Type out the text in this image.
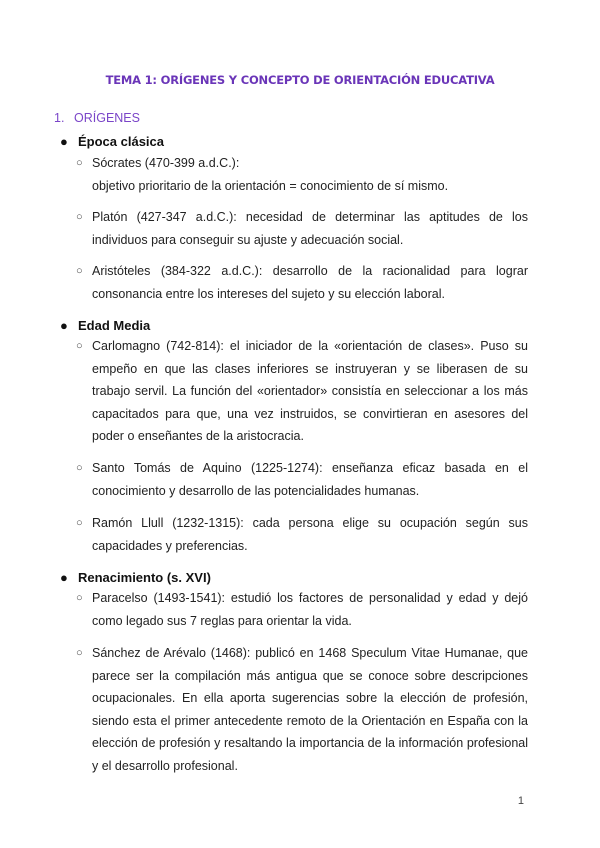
TEMA 1: ORÍGENES Y CONCEPTO DE ORIENTACIÓN EDUCATIVA
1. ORÍGENES
● Época clásica
○ Sócrates (470-399 a.d.C.):
objetivo prioritario de la orientación = conocimiento de sí mismo.
○ Platón (427-347 a.d.C.): necesidad de determinar las aptitudes de los individuos para conseguir su ajuste y adecuación social.
○ Aristóteles (384-322 a.d.C.): desarrollo de la racionalidad para lograr consonancia entre los intereses del sujeto y su elección laboral.
● Edad Media
○ Carlomagno (742-814): el iniciador de la «orientación de clases». Puso su empeño en que las clases inferiores se instruyeran y se liberasen de su trabajo servil. La función del «orientador» consistía en seleccionar a los más capacitados para que, una vez instruidos, se convirtieran en asesores del poder o enseñantes de la aristocracia.
○ Santo Tomás de Aquino (1225-1274): enseñanza eficaz basada en el conocimiento y desarrollo de las potencialidades humanas.
○ Ramón Llull (1232-1315): cada persona elige su ocupación según sus capacidades y preferencias.
● Renacimiento (s. XVI)
○ Paracelso (1493-1541): estudió los factores de personalidad y edad y dejó como legado sus 7 reglas para orientar la vida.
○ Sánchez de Arévalo (1468): publicó en 1468 Speculum Vitae Humanae, que parece ser la compilación más antigua que se conoce sobre descripciones ocupacionales. En ella aporta sugerencias sobre la elección de profesión, siendo esta el primer antecedente remoto de la Orientación en España con la elección de profesión y resaltando la importancia de la información profesional y el desarrollo profesional.
1
